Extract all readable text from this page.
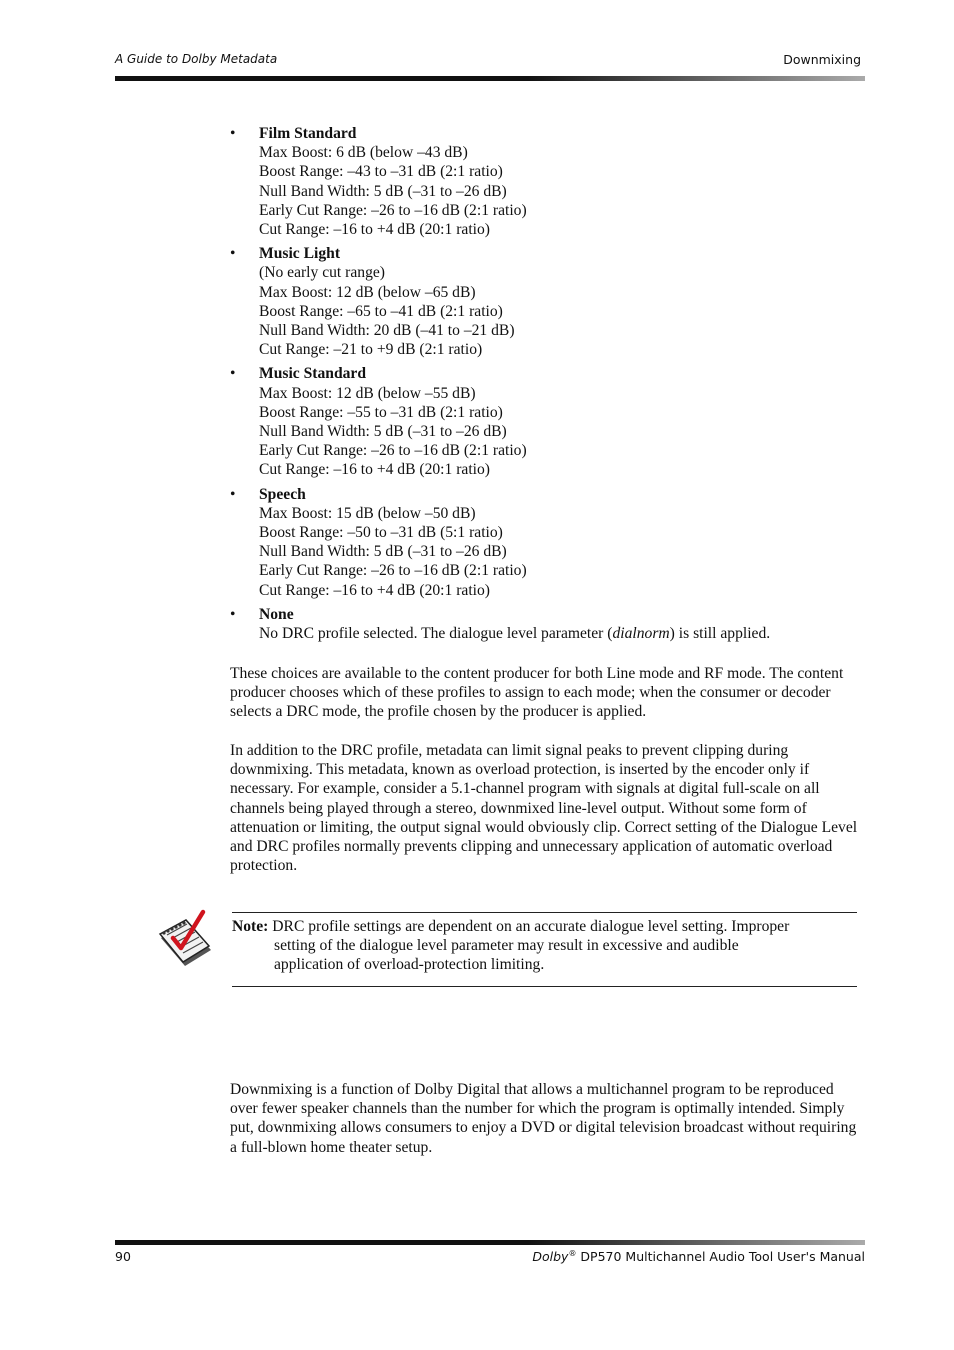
A Guide to Dolby Metadata	Downmixing
• Film Standard
Max Boost: 6 dB (below –43 dB)
Boost Range: –43 to –31 dB (2:1 ratio)
Null Band Width: 5 dB (–31 to –26 dB)
Early Cut Range: –26 to –16 dB (2:1 ratio)
Cut Range: –16 to +4 dB (20:1 ratio)
• Music Light
(No early cut range)
Max Boost: 12 dB (below –65 dB)
Boost Range: –65 to –41 dB (2:1 ratio)
Null Band Width: 20 dB (–41 to –21 dB)
Cut Range: –21 to +9 dB (2:1 ratio)
• Music Standard
Max Boost: 12 dB (below –55 dB)
Boost Range: –55 to –31 dB (2:1 ratio)
Null Band Width: 5 dB (–31 to –26 dB)
Early Cut Range: –26 to –16 dB (2:1 ratio)
Cut Range: –16 to +4 dB (20:1 ratio)
• Speech
Max Boost: 15 dB (below –50 dB)
Boost Range: –50 to –31 dB (5:1 ratio)
Null Band Width: 5 dB (–31 to –26 dB)
Early Cut Range: –26 to –16 dB (2:1 ratio)
Cut Range: –16 to +4 dB (20:1 ratio)
• None
No DRC profile selected. The dialogue level parameter (dialnorm) is still applied.

These choices are available to the content producer for both Line mode and RF mode. The content producer chooses which of these profiles to assign to each mode; when the consumer or decoder selects a DRC mode, the profile chosen by the producer is applied.

In addition to the DRC profile, metadata can limit signal peaks to prevent clipping during downmixing. This metadata, known as overload protection, is inserted by the encoder only if necessary. For example, consider a 5.1-channel program with signals at digital full-scale on all channels being played through a stereo, downmixed line-level output. Without some form of attenuation or limiting, the output signal would obviously clip. Correct setting of the Dialogue Level and DRC profiles normally prevents clipping and unnecessary application of automatic overload protection.

Note: DRC profile settings are dependent on an accurate dialogue level setting. Improper
setting of the dialogue level parameter may result in excessive and audible
application of overload-protection limiting.

Downmixing is a function of Dolby Digital that allows a multichannel program to be reproduced over fewer speaker channels than the number for which the program is optimally intended. Simply put, downmixing allows consumers to enjoy a DVD or digital television broadcast without requiring a full-blown home theater setup.

90	Dolby® DP570 Multichannel Audio Tool User's Manual
